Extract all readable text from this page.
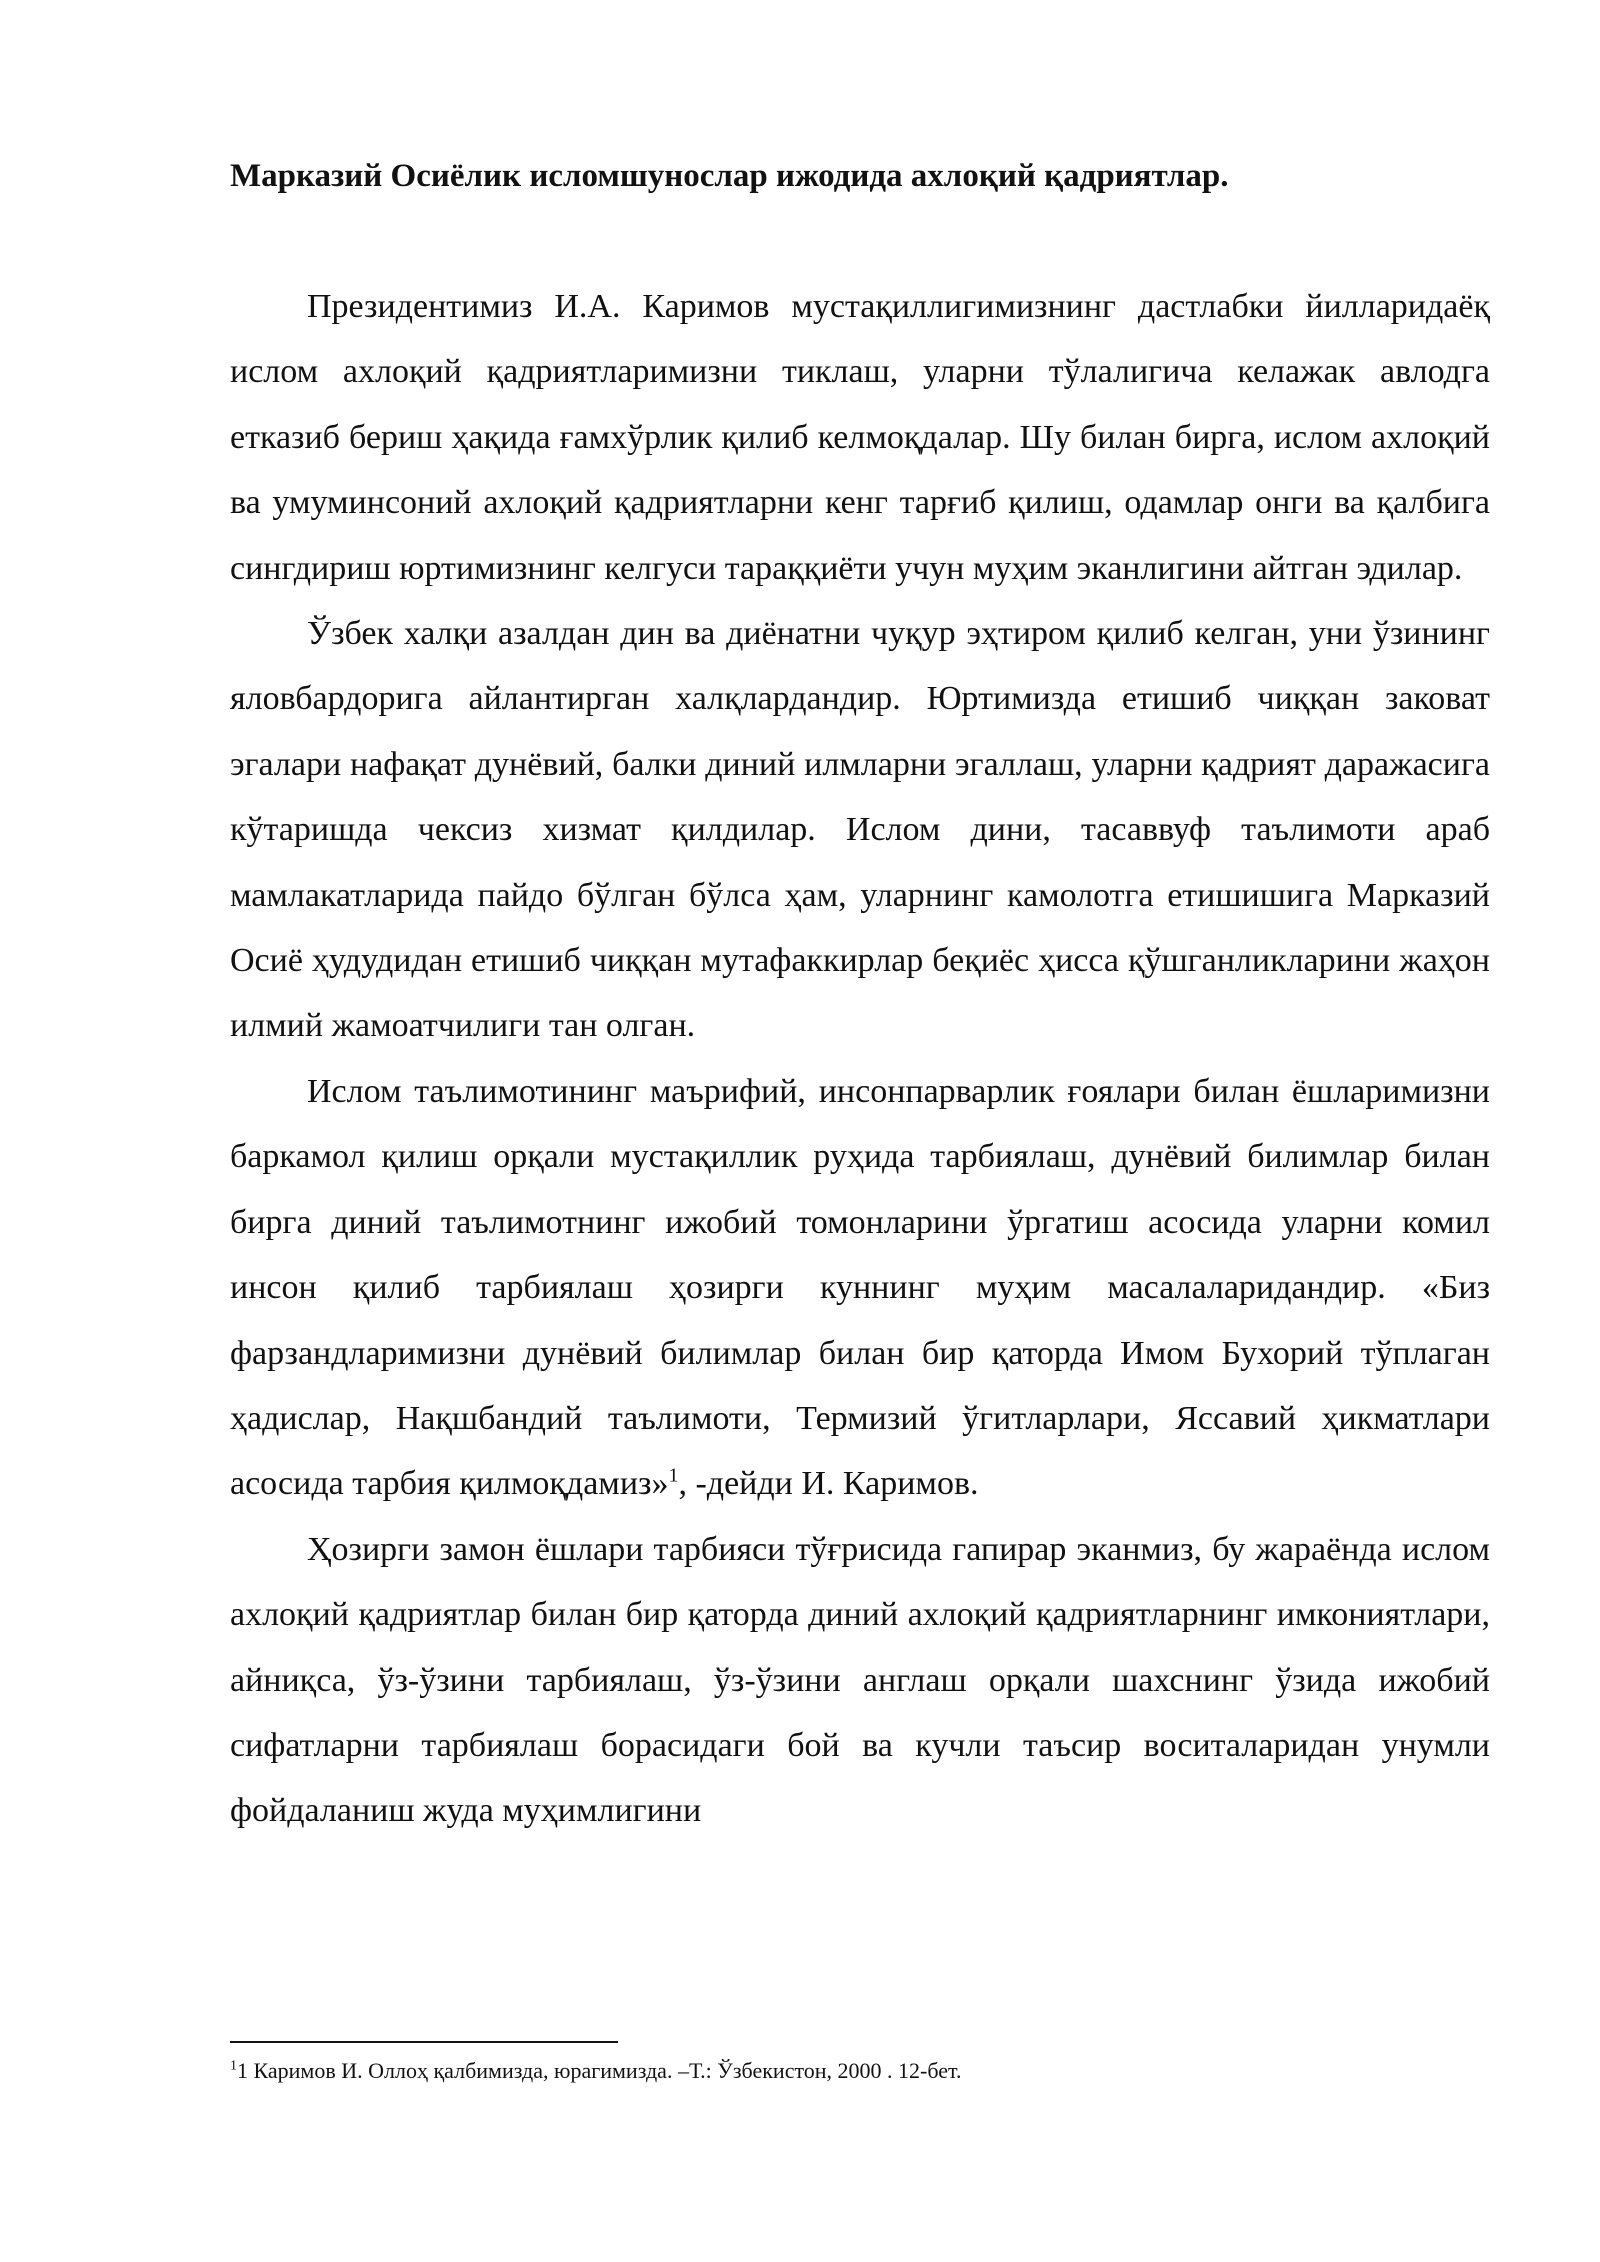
Марказий Осиёлик исломшунослар ижодида ахлоқий қадриятлар.

Президентимиз И.А. Каримов мустақиллигимизнинг дастлабки йилларидаёқ ислом ахлоқий қадриятларимизни тиклаш, уларни тўлалигича келажак авлодга етказиб бериш ҳақида ғамхўрлик қилиб келмоқдалар. Шу билан бирга, ислом ахлоқий ва умуминсоний ахлоқий қадриятларни кенг тарғиб қилиш, одамлар онги ва қалбига сингдириш юртимизнинг келгуси тараққиёти учун муҳим эканлигини айтган эдилар.

Ўзбек халқи азалдан дин ва диёнатни чуқур эҳтиром қилиб келган, уни ўзининг яловбардорига айлантирган халқлардандир. Юртимизда етишиб чиққан заковат эгалари нафақат дунёвий, балки диний илмларни эгаллаш, уларни қадрият даражасига кўтаришда чексиз хизмат қилдилар. Ислом дини, тасаввуф таълимоти араб мамлакатларида пайдо бўлган бўлса ҳам, уларнинг камолотга етишишига Марказий Осиё ҳудудидан етишиб чиққан мутафаккирлар беқиёс ҳисса қўшганликларини жаҳон илмий жамоатчилиги тан олган.

Ислом таълимотининг маърифий, инсонпарварлик ғоялари билан ёшларимизни баркамол қилиш орқали мустақиллик руҳида тарбиялаш, дунёвий билимлар билан бирга диний таълимотнинг ижобий томонларини ўргатиш асосида уларни комил инсон қилиб тарбиялаш ҳозирги куннинг муҳим масалаларидандир. «Биз фарзандларимизни дунёвий билимлар билан бир қаторда Имом Бухорий тўплаган ҳадислар, Нақшбандий таълимоти, Термизий ўгитларлари, Яссавий ҳикматлари асосида тарбия қилмоқдамиз»$^1$, -дейди И. Каримов.

Ҳозирги замон ёшлари тарбияси тўғрисида гапирар эканмиз, бу жараёнда ислом ахлоқий қадриятлар билан бир қаторда диний ахлоқий қадриятларнинг имкониятлари, айниқса, ўз-ўзини тарбиялаш, ўз-ўзини англаш орқали шахснинг ўзида ижобий сифатларни тарбиялаш борасидаги бой ва кучли таъсир воситаларидан унумли фойдаланиш жуда муҳимлигини

$^1$1 Каримов И. Оллоҳ қалбимизда, юрагимизда. –Т.: Ўзбекистон, 2000 . 12-бет.
